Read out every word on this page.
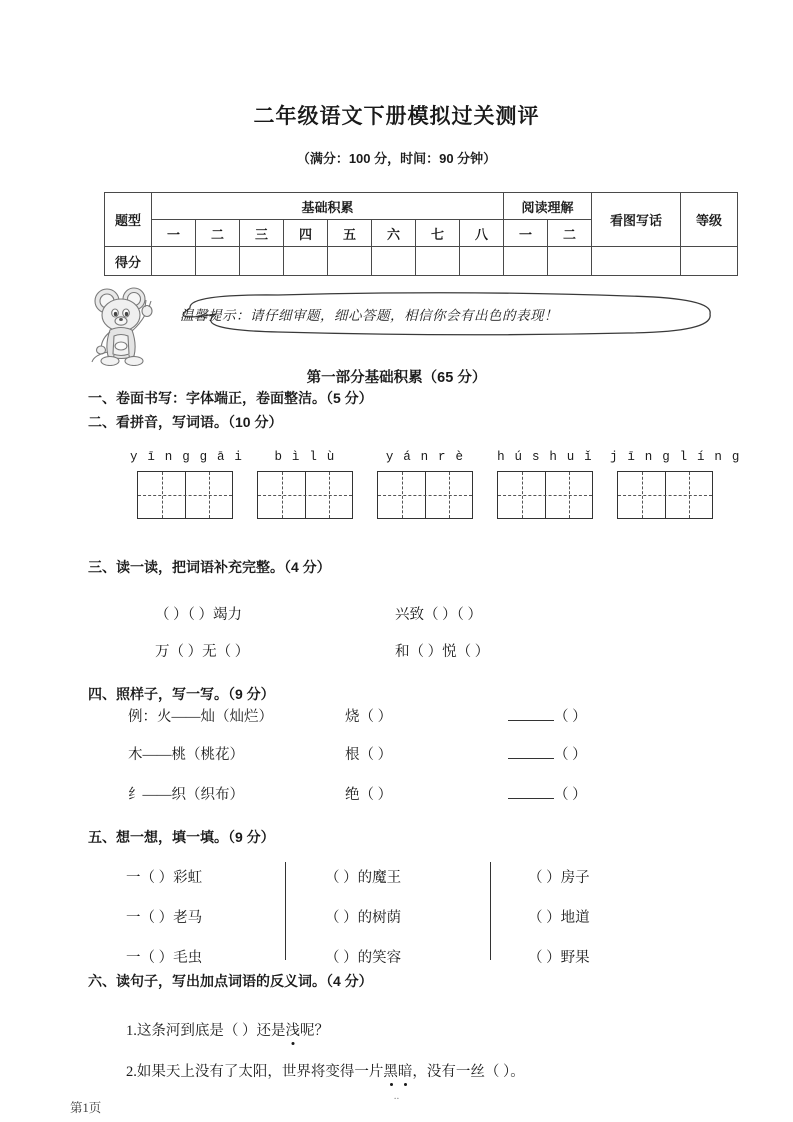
二年级语文下册模拟过关测评
（满分：100 分，时间：90 分钟）
题型	基础积累								阅读理解		看图写话	等级
	一	二	三	四	五	六	七	八	一	二		
得分												
温馨提示：请仔细审题，细心答题，相信你会有出色的表现！
第一部分基础积累（65 分）
一、卷面书写：字体端正，卷面整洁。（5 分）
二、看拼音，写词语。（10 分）
y ī n g g ā i	b ì l ù	y á n r è	h ú s h u ǐ	j ī n g l í n g
三、读一读，把词语补充完整。（4 分）
（ ）（ ）竭力	兴致（ ）（ ）
万（ ）无（ ）	和（ ）悦（ ）
四、照样子，写一写。（9 分）
例：火——灿（灿烂）	烧（ ）	（ ）
木——桃（桃花）	根（ ）	（ ）
纟——织（织布）	绝（ ）	（ ）
五、想一想，填一填。（9 分）
一（ ）彩虹	（ ）的魔王	（ ）房子
一（ ）老马	（ ）的树荫	（ ）地道
一（ ）毛虫	（ ）的笑容	（ ）野果
六、读句子，写出加点词语的反义词。（4 分）
1.这条河到底是（ ）还是浅呢？
2.如果天上没有了太阳，世界将变得一片黑暗，没有一丝（ ）。
..
第1页
